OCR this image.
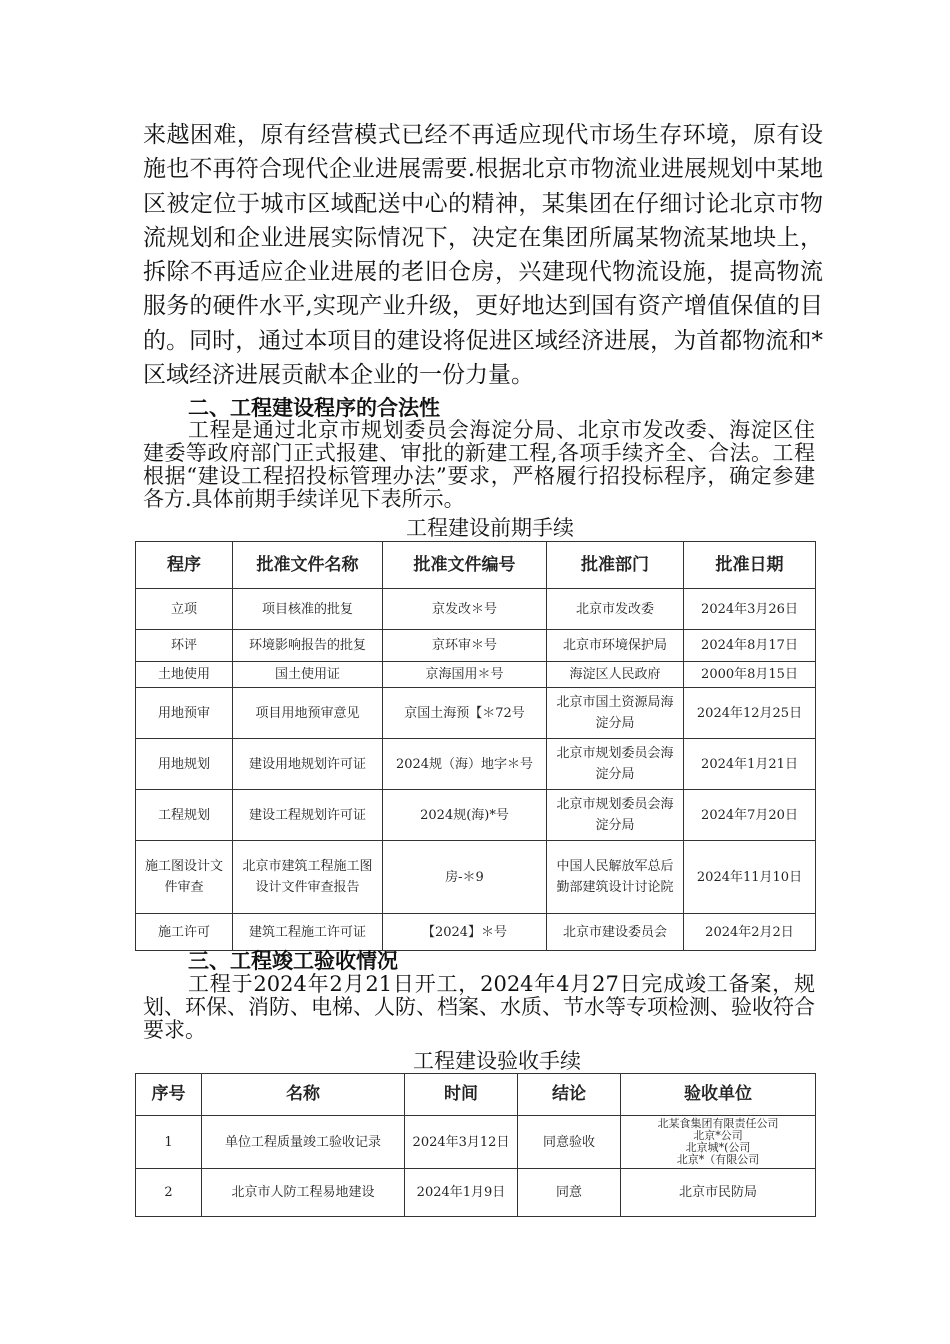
来越困难，原有经营模式已经不再适应现代市场生存环境，原有设施也不再符合现代企业进展需要.根据北京市物流业进展规划中某地区被定位于城市区域配送中心的精神，某集团在仔细讨论北京市物流规划和企业进展实际情况下，决定在集团所属某物流某地块上，拆除不再适应企业进展的老旧仓房，兴建现代物流设施，提高物流服务的硬件水平,实现产业升级，更好地达到国有资产增值保值的目的。同时，通过本项目的建设将促进区域经济进展，为首都物流和*区域经济进展贡献本企业的一份力量。

二、工程建设程序的合法性

工程是通过北京市规划委员会海淀分局、北京市发改委、海淀区住建委等政府部门正式报建、审批的新建工程,各项手续齐全、合法。工程根据“建设工程招投标管理办法”要求，严格履行招投标程序，确定参建各方.具体前期手续详见下表所示。

工程建设前期手续
程序	批准文件名称	批准文件编号	批准部门	批准日期
立项	项目核准的批复	京发改＊号	北京市发改委	2024年3月26日
环评	环境影响报告的批复	京环审＊号	北京市环境保护局	2024年8月17日
土地使用	国土使用证	京海国用＊号	海淀区人民政府	2000年8月15日
用地预审	项目用地预审意见	京国土海预【＊72号	北京市国土资源局海淀分局	2024年12月25日
用地规划	建设用地规划许可证	2024规（海）地字＊号	北京市规划委员会海淀分局	2024年1月21日
工程规划	建设工程规划许可证	2024规(海)*号	北京市规划委员会海淀分局	2024年7月20日
施工图设计文件审查	北京市建筑工程施工图设计文件审查报告	房-＊9	中国人民解放军总后勤部建筑设计讨论院	2024年11月10日
施工许可	建筑工程施工许可证	【2024】＊号	北京市建设委员会	2024年2月2日
三、工程竣工验收情况

工程于2024年2月21日开工，2024年4月27日完成竣工备案，规划、环保、消防、电梯、人防、档案、水质、节水等专项检测、验收符合要求。

工程建设验收手续
序号	名称	时间	结论	验收单位
1	单位工程质量竣工验收记录	2024年3月12日	同意验收	北某食集团有限责任公司
北京*公司
北京城*(公司
北京*（有限公司

2	北京市人防工程易地建设	2024年1月9日	同意	北京市民防局
